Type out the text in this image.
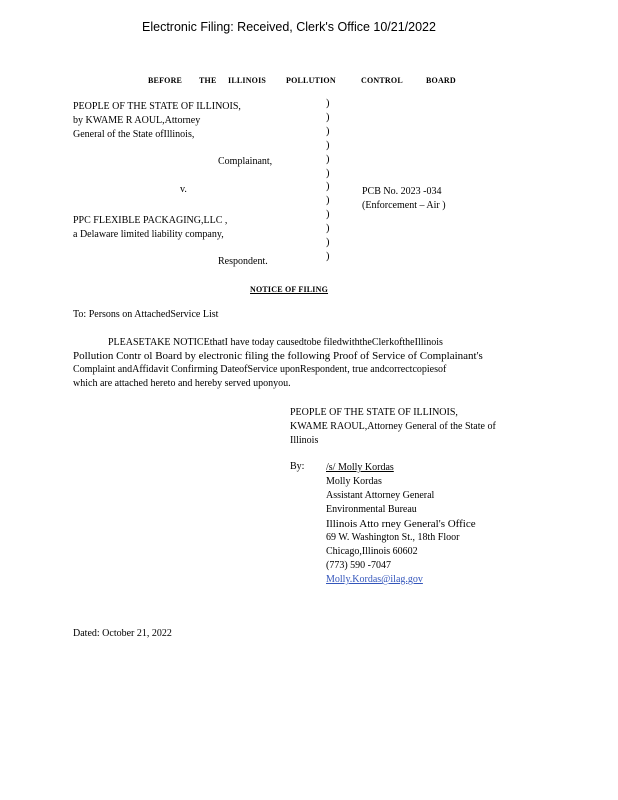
Electronic Filing: Received, Clerk's Office 10/21/2022
BEFORE THE ILLINOIS POLLUTION	CONTROL	BOARD
PEOPLE OF THE STATE OF ILLINOIS,
by KWAME R AOUL,Attorney
General of the State ofIllinois,
Complainant,
v.
PPC FLEXIBLE PACKAGING,LLC ,
a Delaware limited liability company,
Respondent.
)
)
)
)
)
)
)
)
)
)
)
)
PCB No. 2023 -034
(Enforcement – Air )
NOTICE OF FILING
To: Persons on AttachedService List
PLEASETAKE NOTICEthatI have today causedtobe filedwiththeClerkoftheIllinois
Pollution Contr ol Board by electronic filing the following Proof of Service of Complainant's
Complaint andAffidavit Confirming DateofService uponRespondent, true andcorrectcopiesof
which are attached hereto and hereby served uponyou.
PEOPLE OF THE STATE OF ILLINOIS,
KWAME RAOUL,Attorney General of the State of
Illinois
By: /s/ Molly Kordas
Molly Kordas
Assistant Attorney General
Environmental Bureau
Illinois Atto rney General's Office
69 W. Washington St., 18th Floor
Chicago,Illinois 60602
(773) 590 -7047
Molly.Kordas@ilag.gov
Dated: October 21, 2022
